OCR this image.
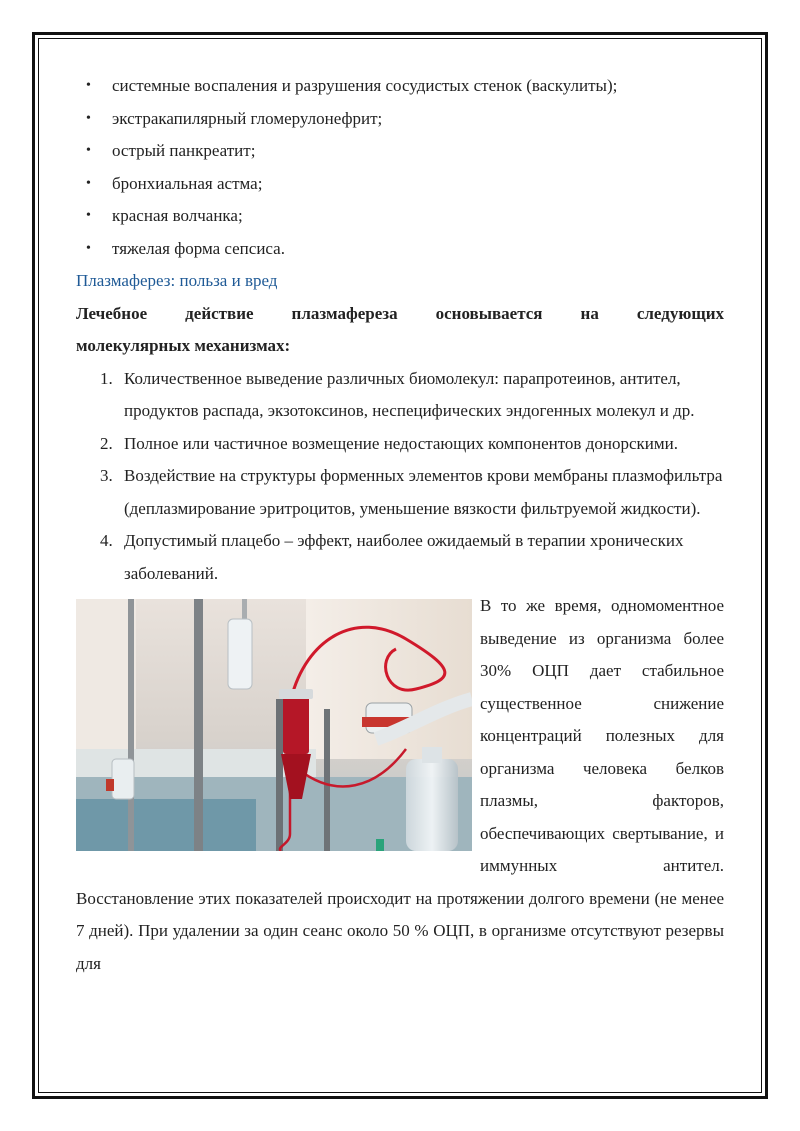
• системные воспаления и разрушения сосудистых стенок (васкулиты);
• экстракапилярный гломерулонефрит;
• острый панкреатит;
• бронхиальная астма;
• красная волчанка;
• тяжелая форма сепсиса.
Плазмаферез: польза и вред
Лечебное действие плазмафереза основывается на следующих
молекулярных механизмах:
1. Количественное выведение различных биомолекул: парапротеинов, антител, продуктов распада, экзотоксинов, неспецифических эндогенных молекул и др.
2. Полное или частичное возмещение недостающих компонентов донорскими.
3. Воздействие на структуры форменных элементов крови мембраны плазмофильтра (деплазмирование эритроцитов, уменьшение вязкости фильтруемой жидкости).
4. Допустимый плацебо – эффект, наиболее ожидаемый в терапии хронических заболеваний.
В то же время, одномоментное выведение из организма более 30% ОЦП дает стабильное существенное снижение концентраций полезных для организма человека белков плазмы, факторов, обеспечивающих свертывание, и иммунных антител. Восстановление этих показателей происходит на протяжении долгого времени (не менее 7 дней). При удалении за один сеанс около 50 % ОЦП, в организме отсутствуют резервы для
